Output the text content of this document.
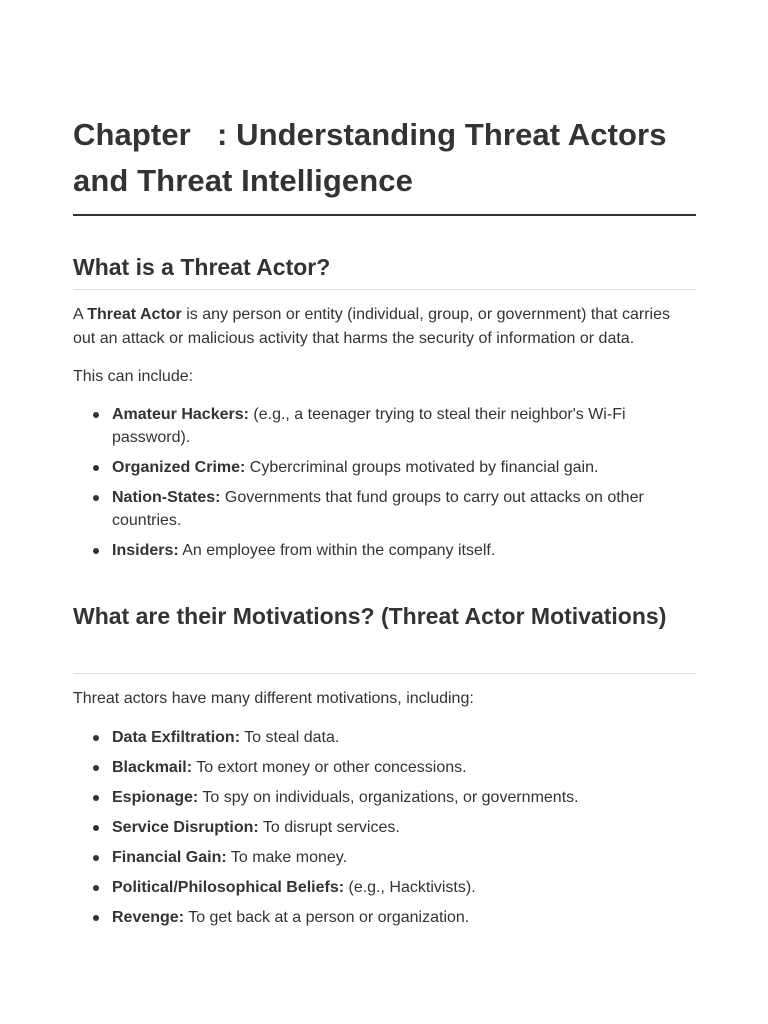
Chapter   : Understanding Threat Actors and Threat Intelligence
What is a Threat Actor?

A Threat Actor is any person or entity (individual, group, or government) that carries out an attack or malicious activity that harms the security of information or data.

This can include:

Amateur Hackers: (e.g., a teenager trying to steal their neighbor's Wi-Fi password).
Organized Crime: Cybercriminal groups motivated by financial gain.
Nation-States: Governments that fund groups to carry out attacks on other countries.
Insiders: An employee from within the company itself.
What are their Motivations? (Threat Actor Motivations)

Threat actors have many different motivations, including:

Data Exfiltration: To steal data.
Blackmail: To extort money or other concessions.
Espionage: To spy on individuals, organizations, or governments.
Service Disruption: To disrupt services.
Financial Gain: To make money.
Political/Philosophical Beliefs: (e.g., Hacktivists).
Revenge: To get back at a person or organization.
